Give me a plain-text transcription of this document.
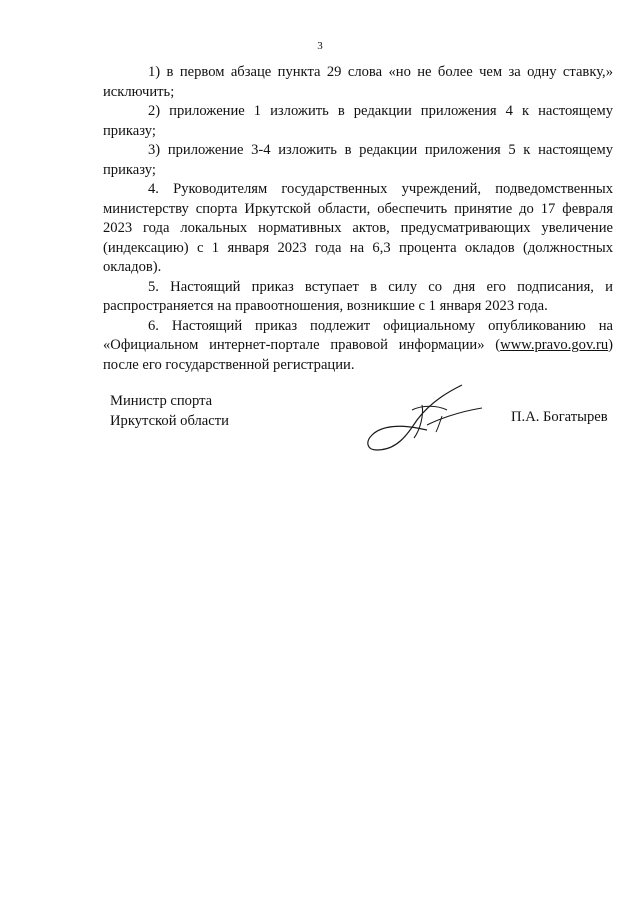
3

1) в первом абзаце пункта 29 слова «но не более чем за одну ставку,» исключить;

2) приложение 1 изложить в редакции приложения 4 к настоящему приказу;

3) приложение 3-4 изложить в редакции приложения 5 к настоящему приказу;

4. Руководителям государственных учреждений, подведомственных министерству спорта Иркутской области, обеспечить принятие до 17 февраля 2023 года локальных нормативных актов, предусматривающих увеличение (индексацию) с 1 января 2023 года на 6,3 процента окладов (должностных окладов).

5. Настоящий приказ вступает в силу со дня его подписания, и распространяется на правоотношения, возникшие с 1 января 2023 года.

6. Настоящий приказ подлежит официальному опубликованию на «Официальном интернет-портале правовой информации» (www.pravo.gov.ru) после его государственной регистрации.

Министр спорта
Иркутской области	П.А. Богатырев
